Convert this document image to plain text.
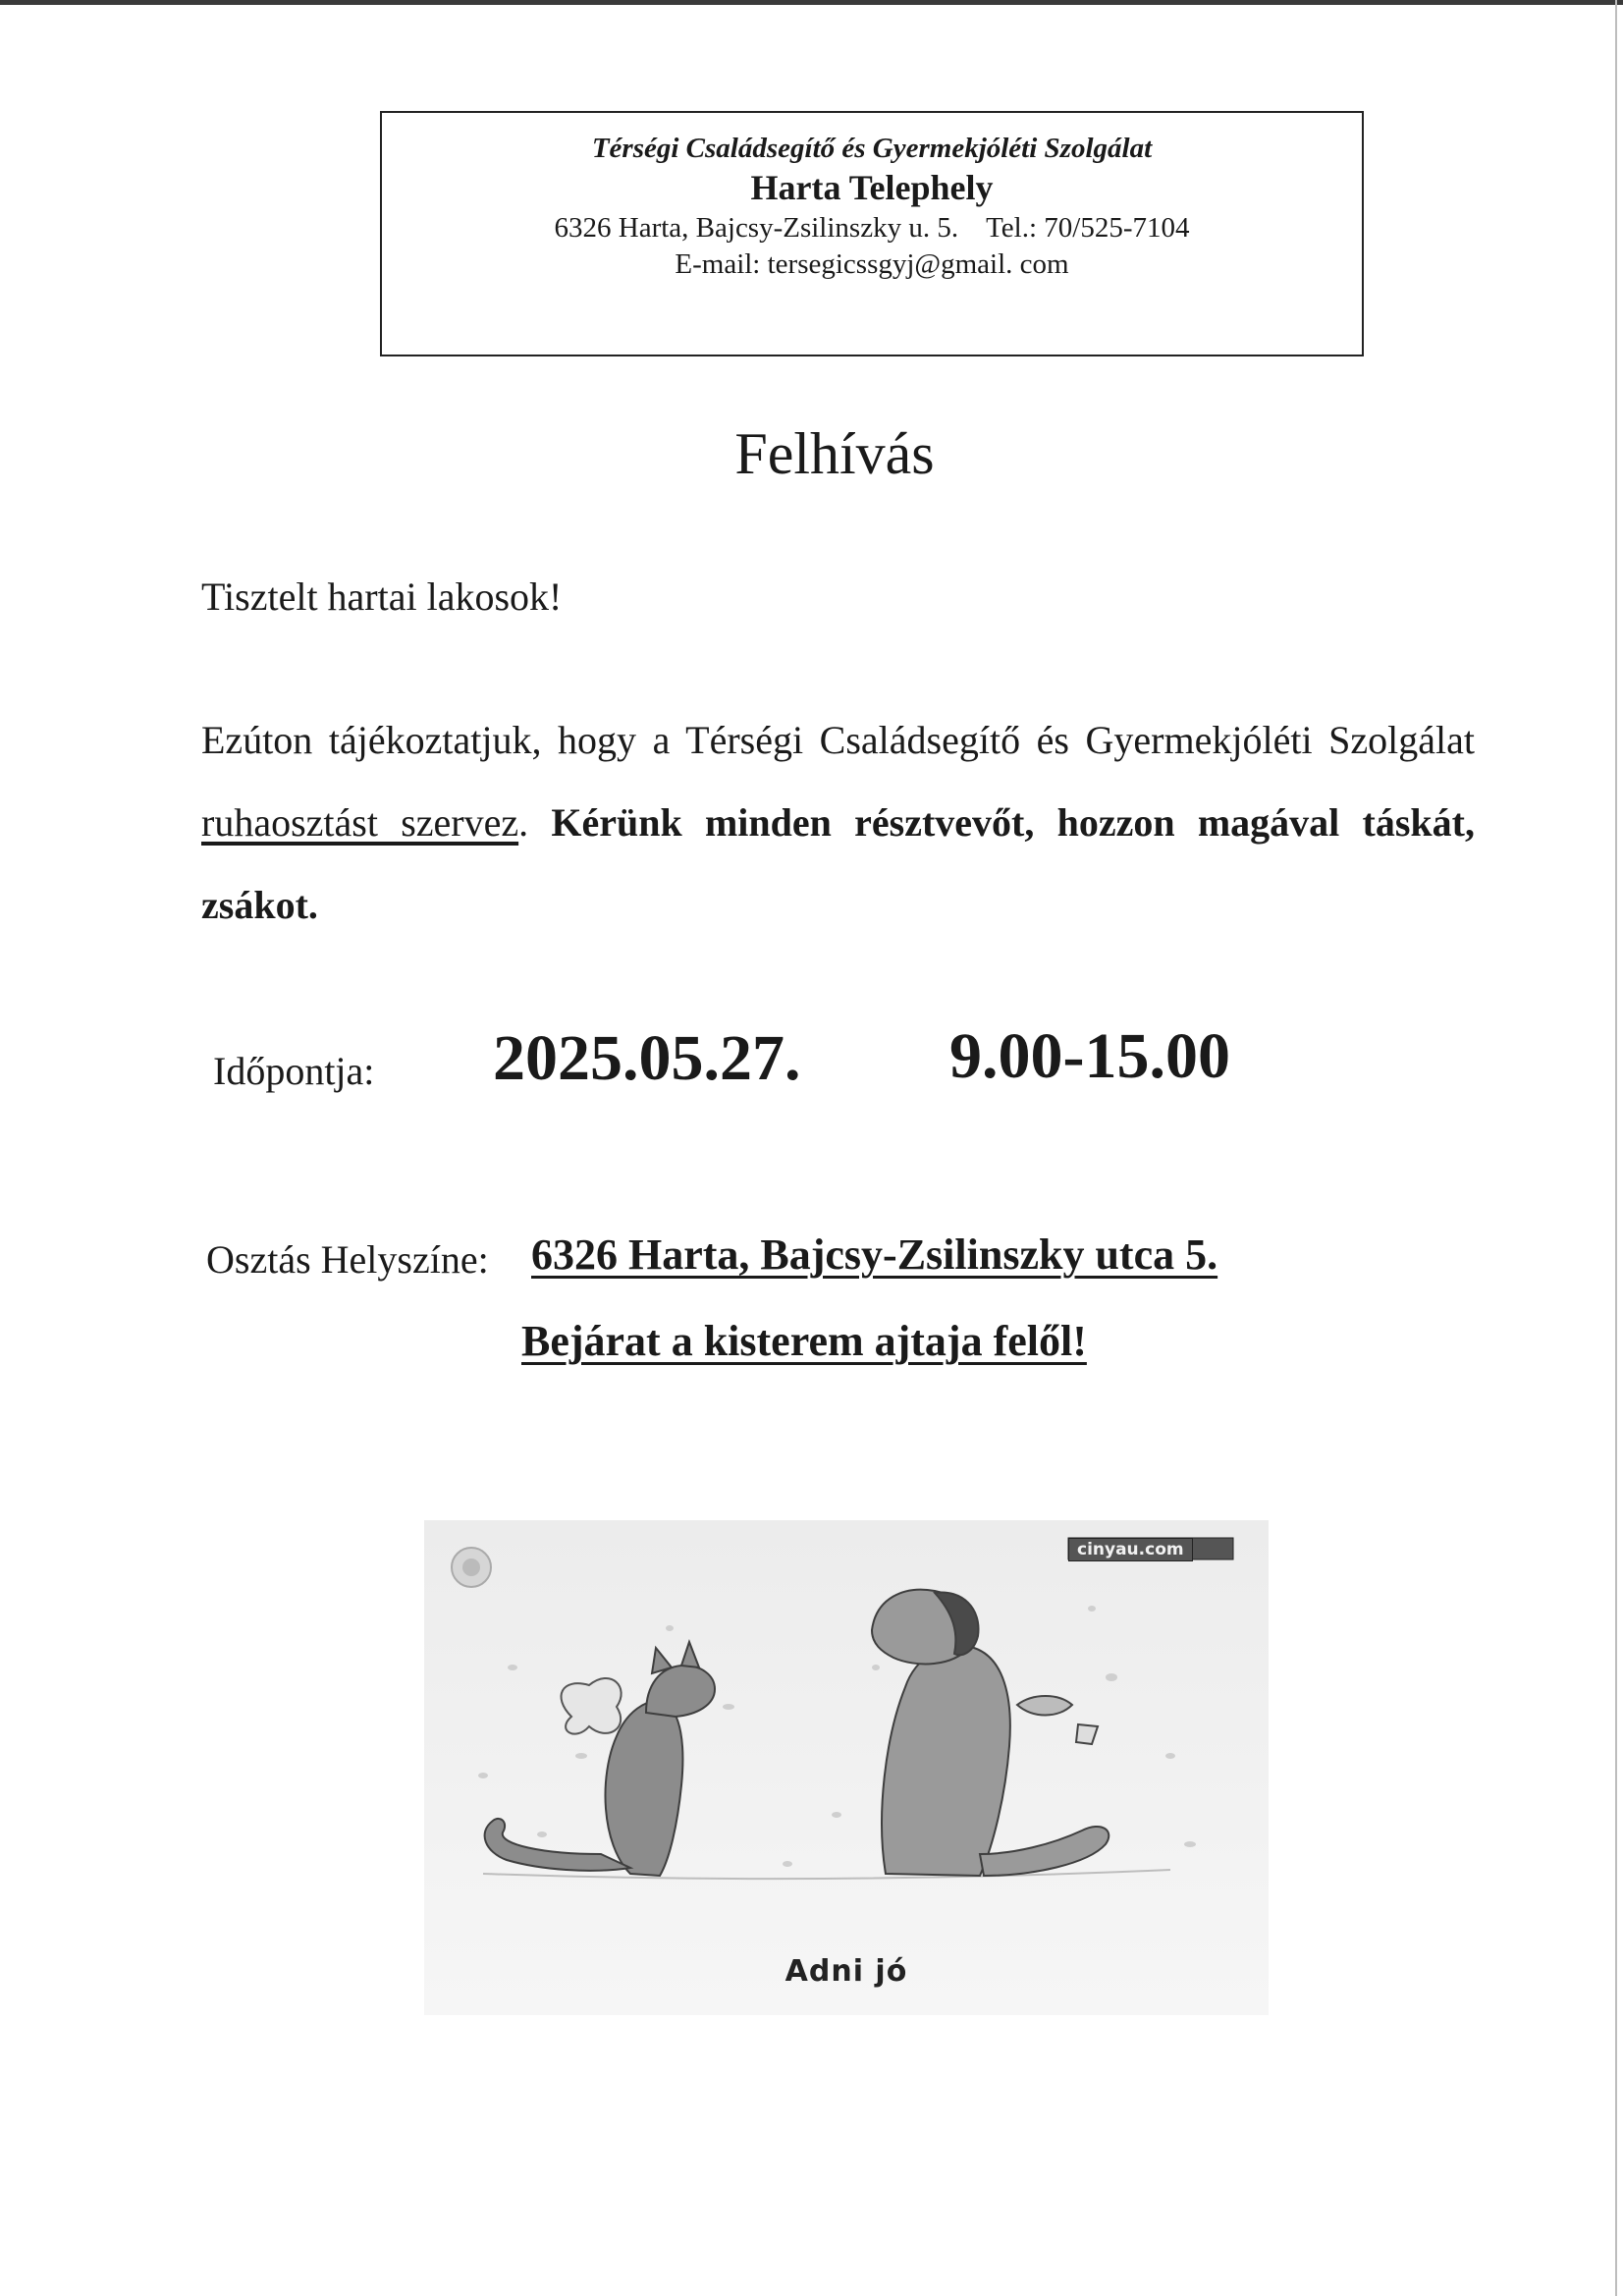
Térségi Családsegítő és Gyermekjóléti Szolgálat
Harta Telephely
6326 Harta, Bajcsy-Zsilinszky u. 5. Tel.: 70/525-7104
E-mail: tersegicssgyj@gmail. com
Felhívás
Tisztelt hartai lakosok!
Ezúton tájékoztatjuk, hogy a Térségi Családsegítő és Gyermekjóléti Szolgálat ruhaosztást szervez. Kérünk minden résztvevőt, hozzon magával táskát, zsákot.
Időpontja: 2025.05.27. 9.00-15.00
Osztás Helyszíne: 6326 Harta, Bajcsy-Zsilinszky utca 5.
Bejárat a kisterem ajtaja felől!
cinyau.com
Adni jó
